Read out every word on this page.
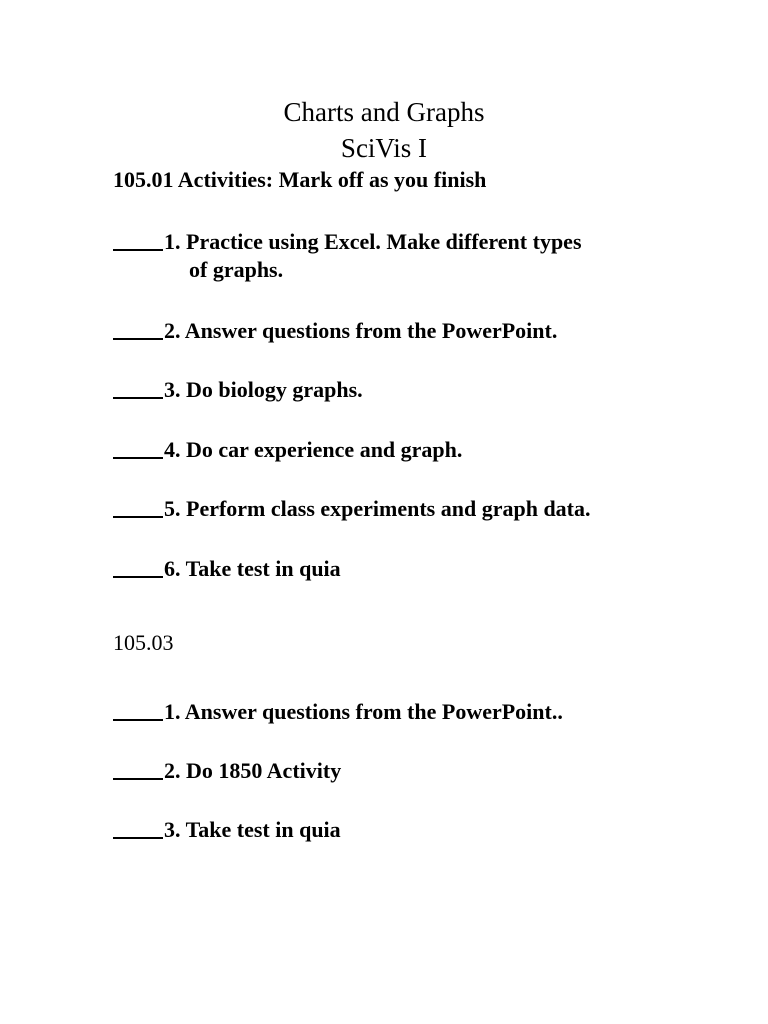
Charts and Graphs
SciVis I
105.01 Activities: Mark off as you finish
1. Practice using Excel. Make different types
of graphs.
2. Answer questions from the PowerPoint.
3. Do biology graphs.
4. Do car experience and graph.
5. Perform class experiments and graph data.
6. Take test in quia
105.03
1. Answer questions from the PowerPoint..
2. Do 1850 Activity
3. Take test in quia
